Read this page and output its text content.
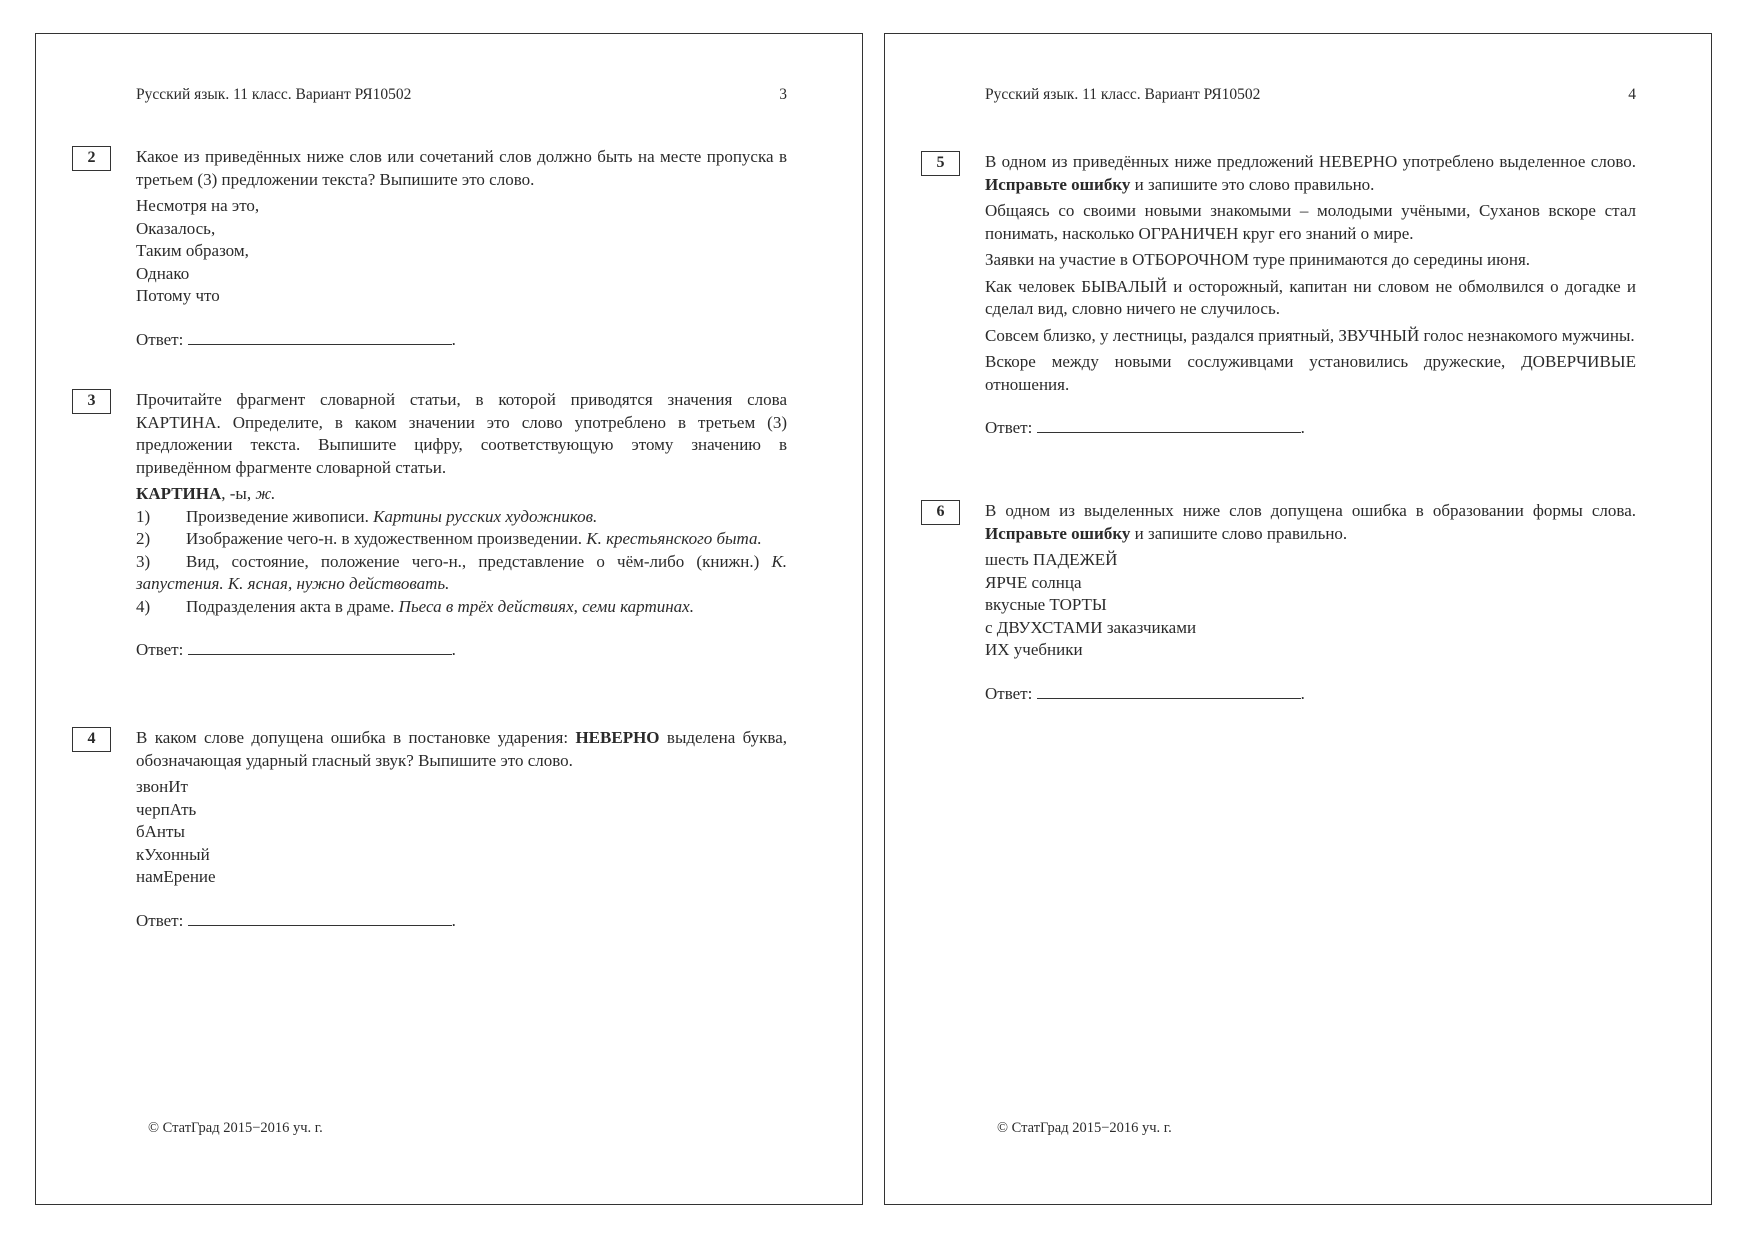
Русский язык. 11 класс. Вариант РЯ10502	3
2	Какое из приведённых ниже слов или сочетаний слов должно быть на месте пропуска в третьем (3) предложении текста? Выпишите это слово.

Несмотря на это,

Оказалось,

Таким образом,

Однако

Потому что

Ответ:	.
3	Прочитайте фрагмент словарной статьи, в которой приводятся значения слова КАРТИНА. Определите, в каком значении это слово употреблено в третьем (3) предложении текста. Выпишите цифру, соответствующую этому значению в приведённом фрагменте словарной статьи.

КАРТИНА, -ы, ж.

1) Произведение живописи. Картины русских художников.

2) Изображение чего-н. в художественном произведении. К. крестьянского быта.

3) Вид, состояние, положение чего-н., представление о чём-либо (книжн.) К. запустения. К. ясная, нужно действовать.

4) Подразделения акта в драме. Пьеса в трёх действиях, семи картинах.

Ответ:	.
4	В каком слове допущена ошибка в постановке ударения: НЕВЕРНО выделена буква, обозначающая ударный гласный звук? Выпишите это слово.

звонИт

черпАть

бАнты

кУхонный

намЕрение

Ответ:	.
© СтатГрад 2015−2016 уч. г.
Русский язык. 11 класс. Вариант РЯ10502	4
5	В одном из приведённых ниже предложений НЕВЕРНО употреблено выделенное слово. Исправьте ошибку и запишите это слово правильно.

Общаясь со своими новыми знакомыми – молодыми учёными, Суханов вскоре стал понимать, насколько ОГРАНИЧЕН круг его знаний о мире.

Заявки на участие в ОТБОРОЧНОМ туре принимаются до середины июня.

Как человек БЫВАЛЫЙ и осторожный, капитан ни словом не обмолвился о догадке и сделал вид, словно ничего не случилось.

Совсем близко, у лестницы, раздался приятный, ЗВУЧНЫЙ голос незнакомого мужчины.

Вскоре между новыми сослуживцами установились дружеские, ДОВЕРЧИВЫЕ отношения.

Ответ:	.
6	В одном из выделенных ниже слов допущена ошибка в образовании формы слова. Исправьте ошибку и запишите слово правильно.

шесть ПАДЕЖЕЙ

ЯРЧЕ солнца

вкусные ТОРТЫ

с ДВУХСТАМИ заказчиками

ИХ учебники

Ответ:	.
© СтатГрад 2015−2016 уч. г.
